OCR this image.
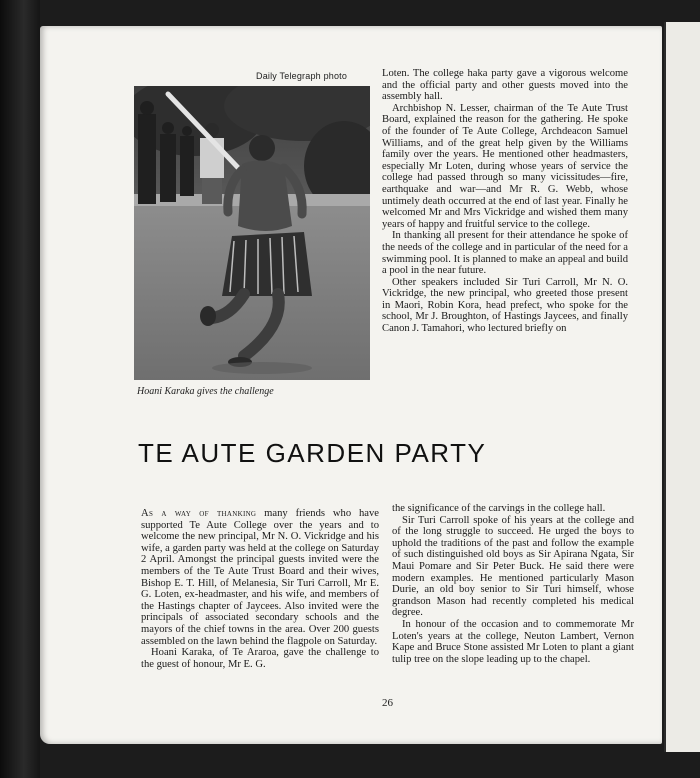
Daily Telegraph photo
Hoani Karaka gives the challenge

Loten. The college haka party gave a vigorous welcome and the official party and other guests moved into the assembly hall.

Archbishop N. Lesser, chairman of the Te Aute Trust Board, explained the reason for the gathering. He spoke of the founder of Te Aute College, Archdeacon Samuel Williams, and of the great help given by the Williams family over the years. He mentioned other headmasters, especially Mr Loten, during whose years of service the college had passed through so many vicissitudes—fire, earthquake and war—and Mr R. G. Webb, whose untimely death occurred at the end of last year. Finally he welcomed Mr and Mrs Vickridge and wished them many years of happy and fruitful service to the college.

In thanking all present for their attendance he spoke of the needs of the college and in particular of the need for a swimming pool. It is planned to make an appeal and build a pool in the near future.

Other speakers included Sir Turi Carroll, Mr N. O. Vickridge, the new principal, who greeted those present in Maori, Robin Kora, head prefect, who spoke for the school, Mr J. Broughton, of Hastings Jaycees, and finally Canon J. Tamahori, who lectured briefly on

TE AUTE GARDEN PARTY

As a way of thanking many friends who have supported Te Aute College over the years and to welcome the new principal, Mr N. O. Vickridge and his wife, a garden party was held at the college on Saturday 2 April. Amongst the principal guests invited were the members of the Te Aute Trust Board and their wives, Bishop E. T. Hill, of Melanesia, Sir Turi Carroll, Mr E. G. Loten, ex-headmaster, and his wife, and members of the Hastings chapter of Jaycees. Also invited were the principals of associated secondary schools and the mayors of the chief towns in the area. Over 200 guests assembled on the lawn behind the flagpole on Saturday.

Hoani Karaka, of Te Araroa, gave the challenge to the guest of honour, Mr E. G.

the significance of the carvings in the college hall.

Sir Turi Carroll spoke of his years at the college and of the long struggle to succeed. He urged the boys to uphold the traditions of the past and follow the example of such distinguished old boys as Sir Apirana Ngata, Sir Maui Pomare and Sir Peter Buck. He said there were modern examples. He mentioned particularly Mason Durie, an old boy senior to Sir Turi himself, whose grandson Mason had recently completed his medical degree.

In honour of the occasion and to commemorate Mr Loten's years at the college, Neuton Lambert, Vernon Kape and Bruce Stone assisted Mr Loten to plant a giant tulip tree on the slope leading up to the chapel.

26
